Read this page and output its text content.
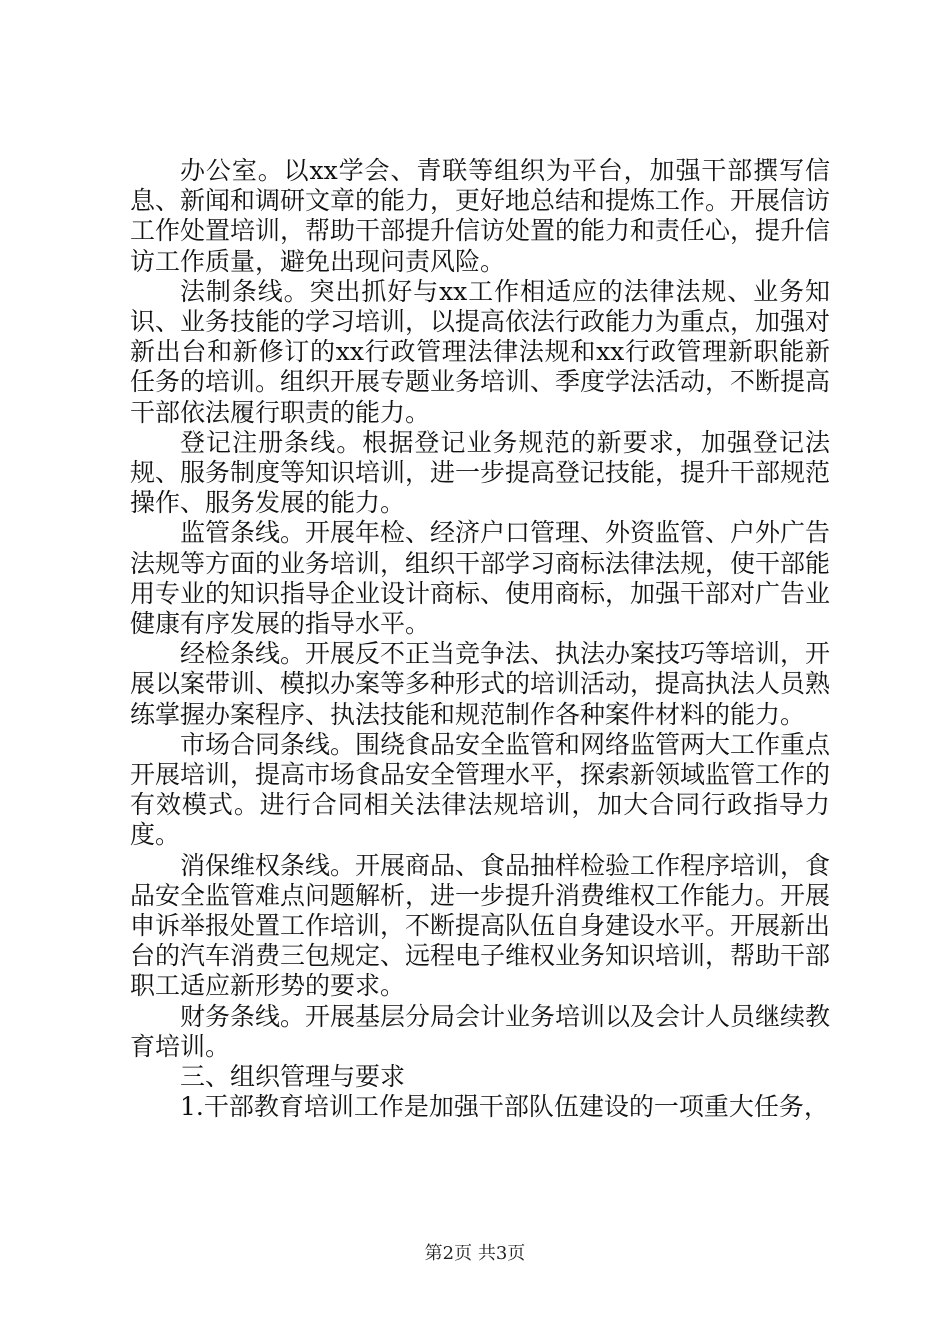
办公室。以xx学会、青联等组织为平台，加强干部撰写信息、新闻和调研文章的能力，更好地总结和提炼工作。开展信访工作处置培训，帮助干部提升信访处置的能力和责任心，提升信访工作质量，避免出现问责风险。

法制条线。突出抓好与xx工作相适应的法律法规、业务知识、业务技能的学习培训，以提高依法行政能力为重点，加强对新出台和新修订的xx行政管理法律法规和xx行政管理新职能新任务的培训。组织开展专题业务培训、季度学法活动，不断提高干部依法履行职责的能力。

登记注册条线。根据登记业务规范的新要求，加强登记法规、服务制度等知识培训，进一步提高登记技能，提升干部规范操作、服务发展的能力。

监管条线。开展年检、经济户口管理、外资监管、户外广告法规等方面的业务培训，组织干部学习商标法律法规，使干部能用专业的知识指导企业设计商标、使用商标，加强干部对广告业健康有序发展的指导水平。

经检条线。开展反不正当竞争法、执法办案技巧等培训，开展以案带训、模拟办案等多种形式的培训活动，提高执法人员熟练掌握办案程序、执法技能和规范制作各种案件材料的能力。

市场合同条线。围绕食品安全监管和网络监管两大工作重点开展培训，提高市场食品安全管理水平，探索新领域监管工作的有效模式。进行合同相关法律法规培训，加大合同行政指导力度。

消保维权条线。开展商品、食品抽样检验工作程序培训，食品安全监管难点问题解析，进一步提升消费维权工作能力。开展申诉举报处置工作培训，不断提高队伍自身建设水平。开展新出台的汽车消费三包规定、远程电子维权业务知识培训，帮助干部职工适应新形势的要求。

财务条线。开展基层分局会计业务培训以及会计人员继续教育培训。

三、组织管理与要求

1.干部教育培训工作是加强干部队伍建设的一项重大任务，

第2页 共3页
